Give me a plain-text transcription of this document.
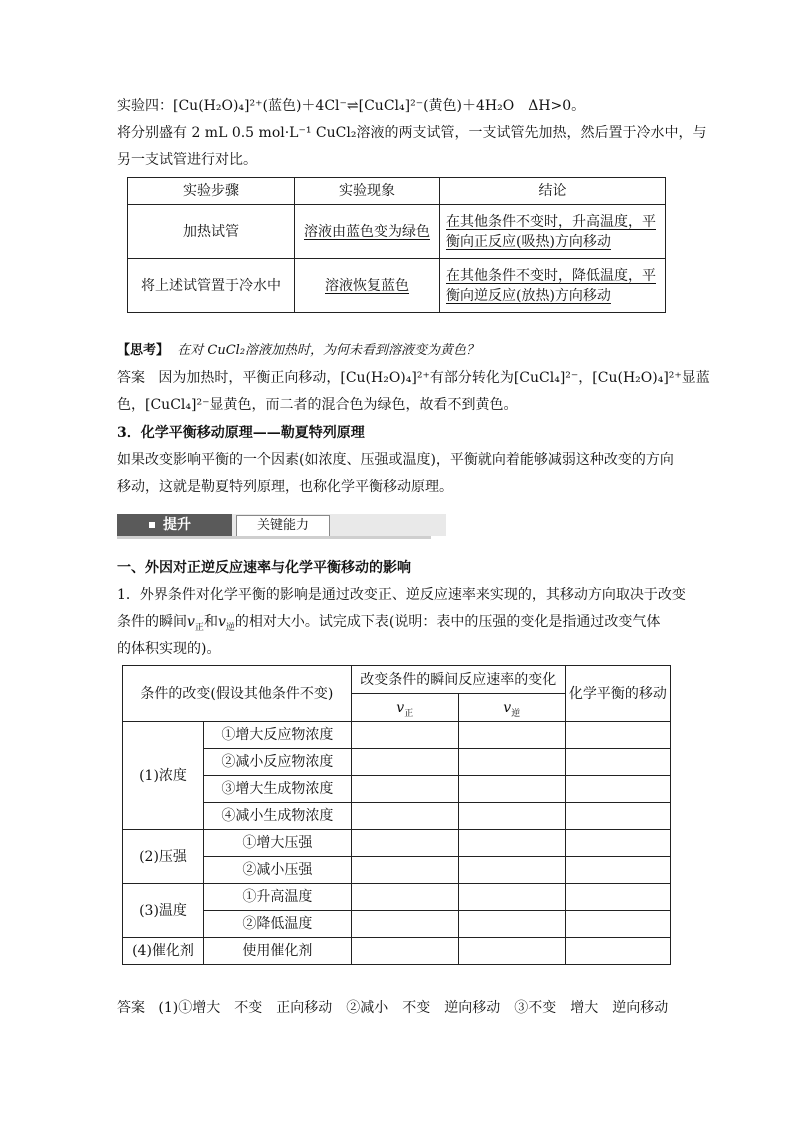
实验四：[Cu(H₂O)₄]²⁺(蓝色)＋4Cl⁻⇌[CuCl₄]²⁻(黄色)＋4H₂O　ΔH>0。
将分别盛有 2 mL 0.5 mol·L⁻¹ CuCl₂溶液的两支试管，一支试管先加热，然后置于冷水中，与
另一支试管进行对比。
实验步骤	实验现象	结论
加热试管	溶液由蓝色变为绿色	在其他条件不变时，升高温度，平
衡向正反应(吸热)方向移动
将上述试管置于冷水中	溶液恢复蓝色	在其他条件不变时，降低温度，平
衡向逆反应(放热)方向移动
【思考】 在对 CuCl₂溶液加热时，为何未看到溶液变为黄色？
答案 因为加热时，平衡正向移动，[Cu(H₂O)₄]²⁺有部分转化为[CuCl₄]²⁻，[Cu(H₂O)₄]²⁺显蓝
色，[CuCl₄]²⁻显黄色，而二者的混合色为绿色，故看不到黄色。
3．化学平衡移动原理——勒夏特列原理
如果改变影响平衡的一个因素(如浓度、压强或温度)，平衡就向着能够减弱这种改变的方向
移动，这就是勒夏特列原理，也称化学平衡移动原理。
提升	关键能力
一、外因对正逆反应速率与化学平衡移动的影响
1．外界条件对化学平衡的影响是通过改变正、逆反应速率来实现的，其移动方向取决于改变
条件的瞬间$v_正$和$v_逆$的相对大小。试完成下表(说明：表中的压强的变化是指通过改变气体
的体积实现的)。
条件的改变(假设其他条件不变)		改变条件的瞬间反应速率的变化		化学平衡的移动
		$v_正$	$v_逆$
(1)浓度	①增大反应物浓度			
	②减小反应物浓度			
	③增大生成物浓度			
	④减小生成物浓度			
(2)压强	①增大压强			
	②减小压强			
(3)温度	①升高温度			
	②降低温度			
(4)催化剂	使用催化剂			
答案 (1)①增大　不变　正向移动　②减小　不变　逆向移动　③不变　增大　逆向移动
